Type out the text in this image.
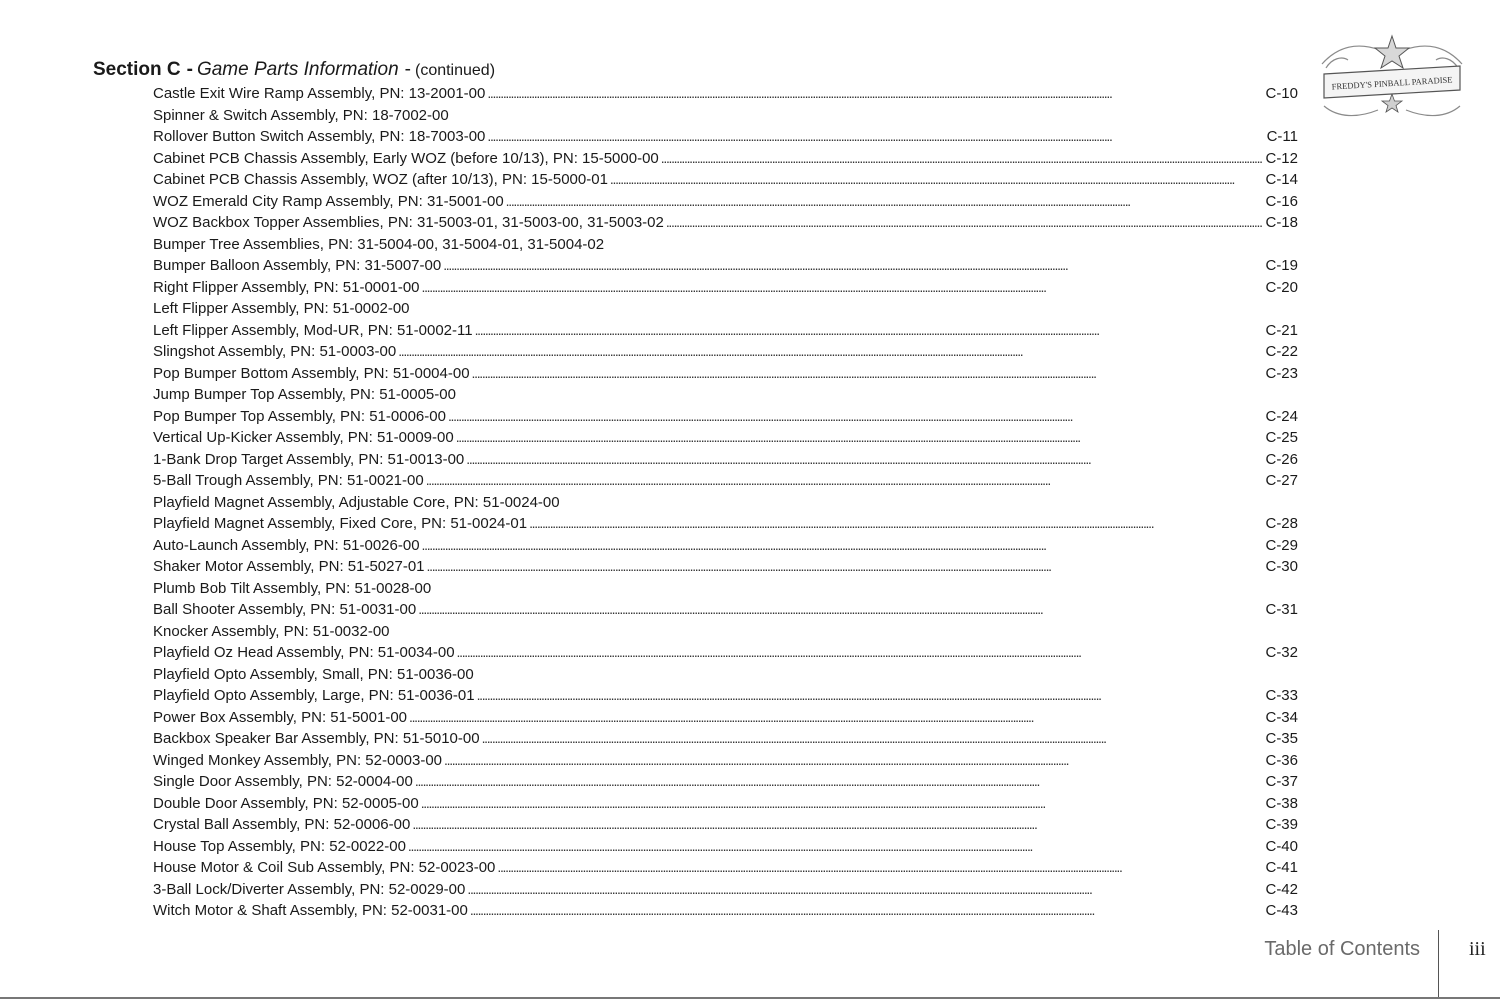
Section C - Game Parts Information - (continued)
FREDDY'S PINBALL PARADISE
Castle Exit Wire Ramp Assembly, PN: 13-2001-00 . . .	C-10
Spinner & Switch Assembly, PN: 18-7002-00
Rollover Button Switch Assembly, PN: 18-7003-00 . . .	C-11
Cabinet PCB Chassis Assembly, Early WOZ (before 10/13), PN: 15-5000-00 . . .	C-12
Cabinet PCB Chassis Assembly, WOZ (after 10/13), PN: 15-5000-01 . . .	C-14
WOZ Emerald City Ramp Assembly, PN: 31-5001-00 . . .	C-16
WOZ Backbox Topper Assemblies, PN: 31-5003-01, 31-5003-00, 31-5003-02 . . .	C-18
Bumper Tree Assemblies, PN: 31-5004-00, 31-5004-01, 31-5004-02
Bumper Balloon Assembly, PN: 31-5007-00 . . .	C-19
Right Flipper Assembly, PN: 51-0001-00 . . .	C-20
Left Flipper Assembly, PN: 51-0002-00
Left Flipper Assembly, Mod-UR, PN: 51-0002-11 . . .	C-21
Slingshot Assembly, PN: 51-0003-00 . . .	C-22
Pop Bumper Bottom Assembly, PN: 51-0004-00 . . .	C-23
Jump Bumper Top Assembly, PN: 51-0005-00
Pop Bumper Top Assembly, PN: 51-0006-00 . . .	C-24
Vertical Up-Kicker Assembly, PN: 51-0009-00 . . .	C-25
1-Bank Drop Target Assembly, PN: 51-0013-00 . . .	C-26
5-Ball Trough Assembly, PN: 51-0021-00 . . .	C-27
Playfield Magnet Assembly, Adjustable Core, PN: 51-0024-00
Playfield Magnet Assembly, Fixed Core, PN: 51-0024-01 . . .	C-28
Auto-Launch Assembly, PN: 51-0026-00 . . .	C-29
Shaker Motor Assembly, PN: 51-5027-01 . . .	C-30
Plumb Bob Tilt Assembly, PN: 51-0028-00
Ball Shooter Assembly, PN: 51-0031-00 . . .	C-31
Knocker Assembly, PN: 51-0032-00
Playfield Oz Head Assembly, PN: 51-0034-00 . . .	C-32
Playfield Opto Assembly, Small, PN: 51-0036-00
Playfield Opto Assembly, Large, PN: 51-0036-01 . . .	C-33
Power Box Assembly, PN: 51-5001-00 . . .	C-34
Backbox Speaker Bar Assembly, PN: 51-5010-00 . . .	C-35
Winged Monkey Assembly, PN: 52-0003-00 . . .	C-36
Single Door Assembly, PN: 52-0004-00 . . .	C-37
Double Door Assembly, PN: 52-0005-00 . . .	C-38
Crystal Ball Assembly, PN: 52-0006-00 . . .	C-39
House Top Assembly, PN: 52-0022-00 . . .	C-40
House Motor & Coil Sub Assembly, PN: 52-0023-00 . . .	C-41
3-Ball Lock/Diverter Assembly, PN: 52-0029-00 . . .	C-42
Witch Motor & Shaft Assembly, PN: 52-0031-00 . . .	C-43
Table of Contents iii
